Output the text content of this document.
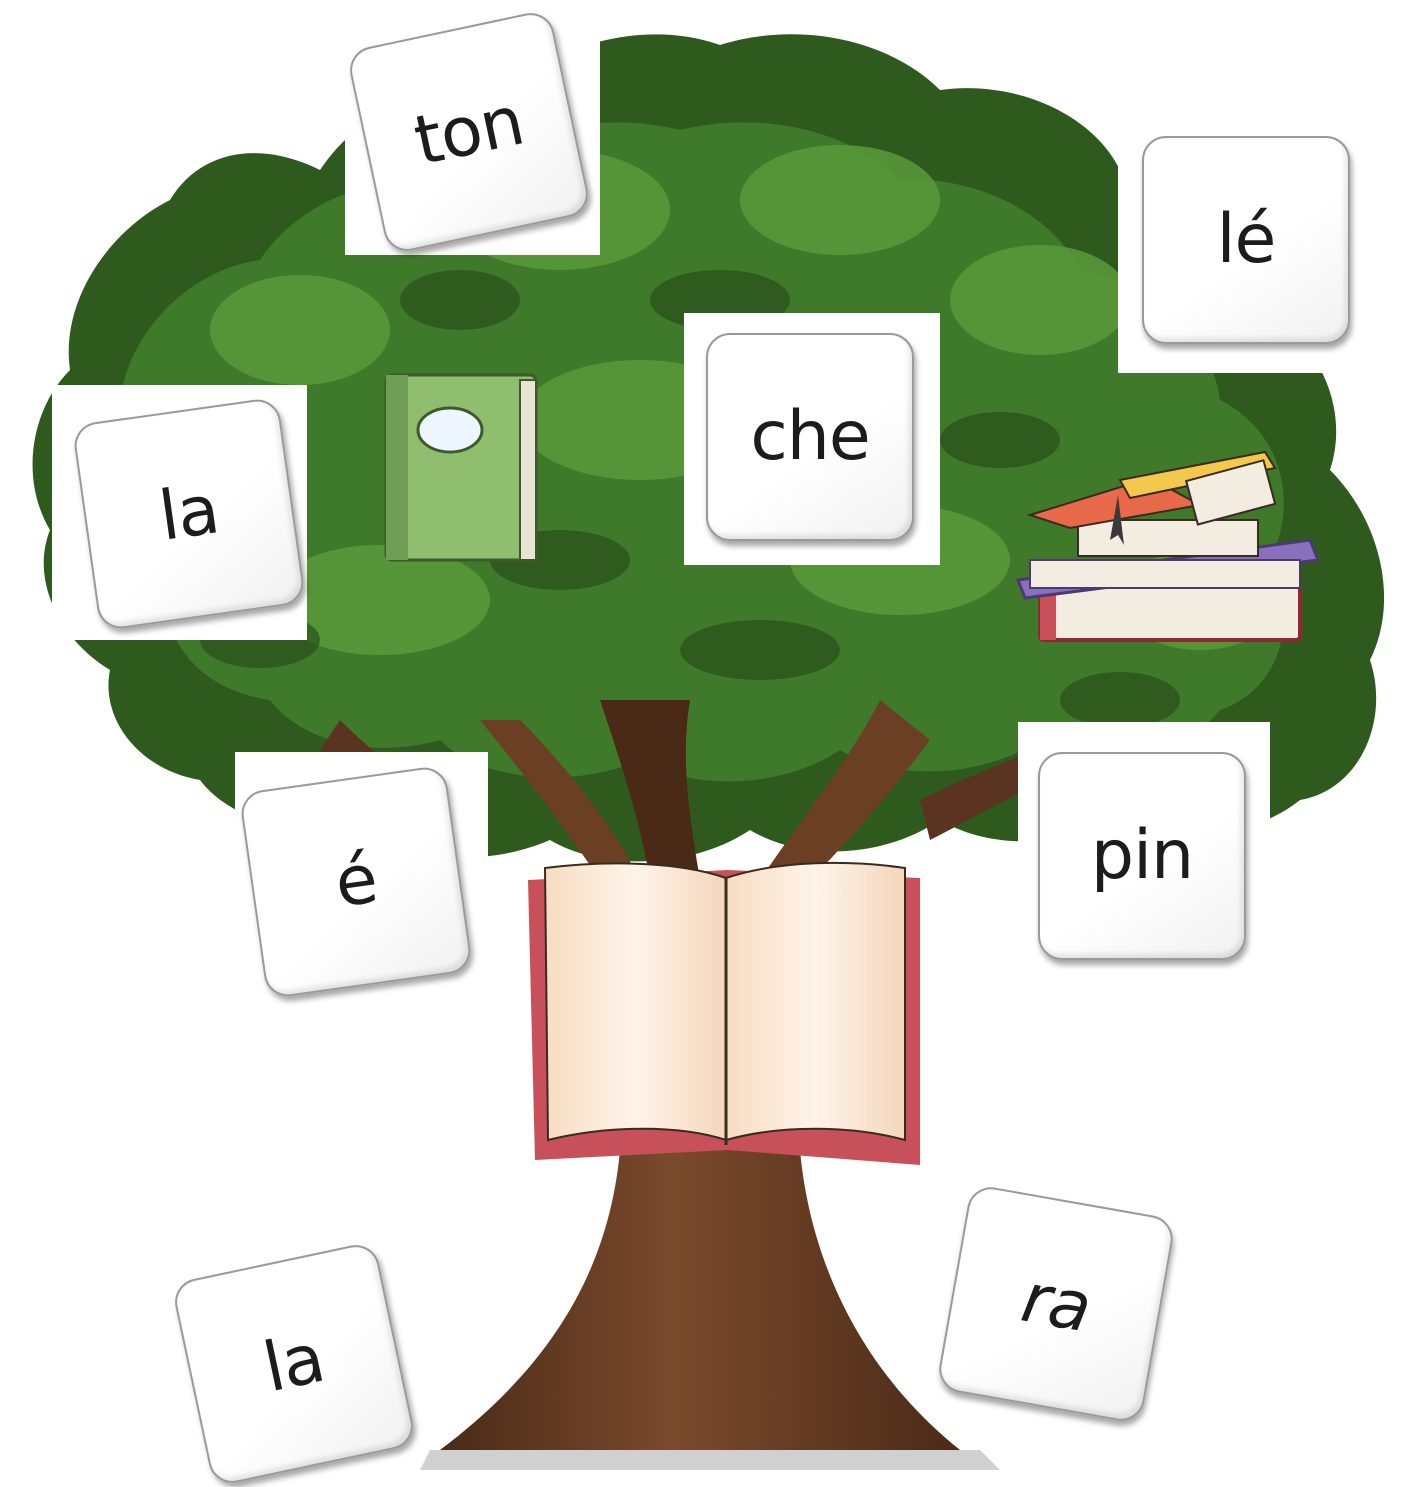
ton
lé
la
che
é	pin
la
ra
